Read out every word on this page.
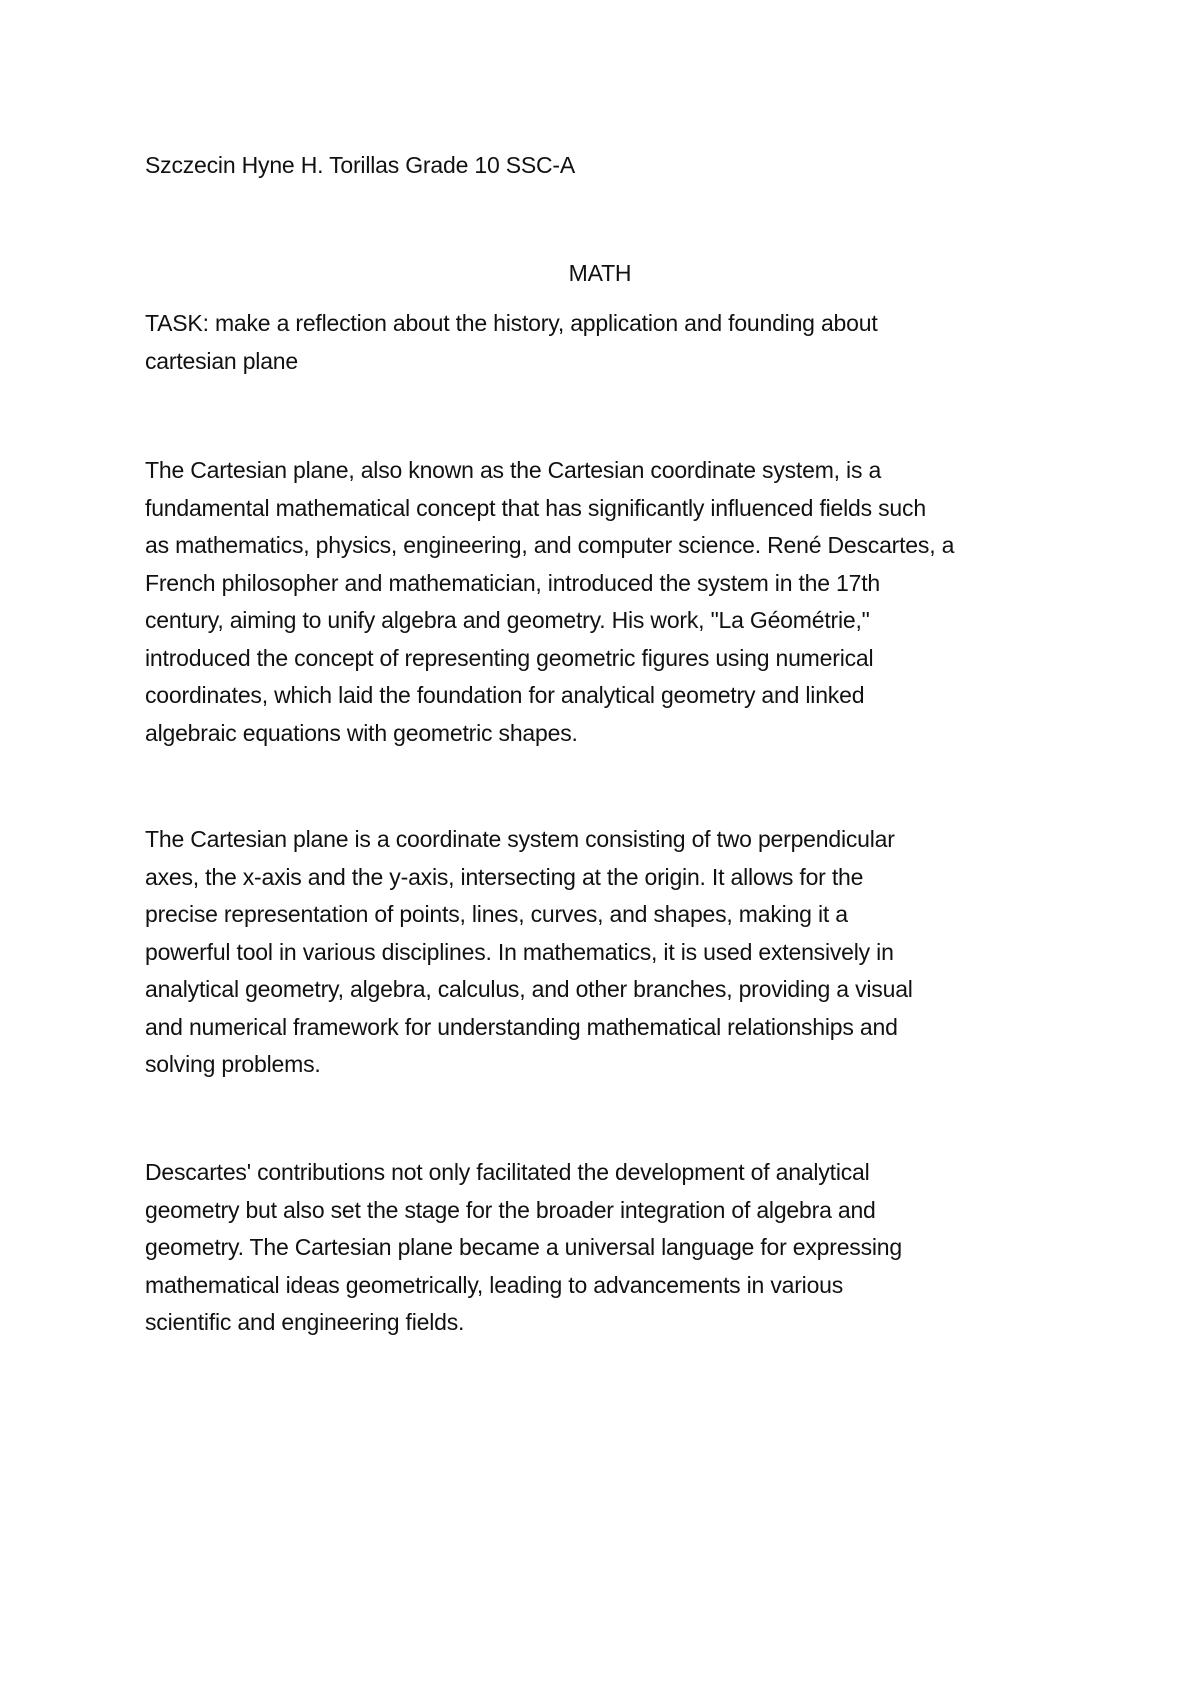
Szczecin Hyne H. Torillas Grade 10 SSC-A
MATH
TASK: make a reflection about the history, application and founding about
cartesian plane
The Cartesian plane, also known as the Cartesian coordinate system, is a
fundamental mathematical concept that has significantly influenced fields such
as mathematics, physics, engineering, and computer science. René Descartes, a
French philosopher and mathematician, introduced the system in the 17th
century, aiming to unify algebra and geometry. His work, "La Géométrie,"
introduced the concept of representing geometric figures using numerical
coordinates, which laid the foundation for analytical geometry and linked
algebraic equations with geometric shapes.
The Cartesian plane is a coordinate system consisting of two perpendicular
axes, the x-axis and the y-axis, intersecting at the origin. It allows for the
precise representation of points, lines, curves, and shapes, making it a
powerful tool in various disciplines. In mathematics, it is used extensively in
analytical geometry, algebra, calculus, and other branches, providing a visual
and numerical framework for understanding mathematical relationships and
solving problems.
Descartes' contributions not only facilitated the development of analytical
geometry but also set the stage for the broader integration of algebra and
geometry. The Cartesian plane became a universal language for expressing
mathematical ideas geometrically, leading to advancements in various
scientific and engineering fields.
